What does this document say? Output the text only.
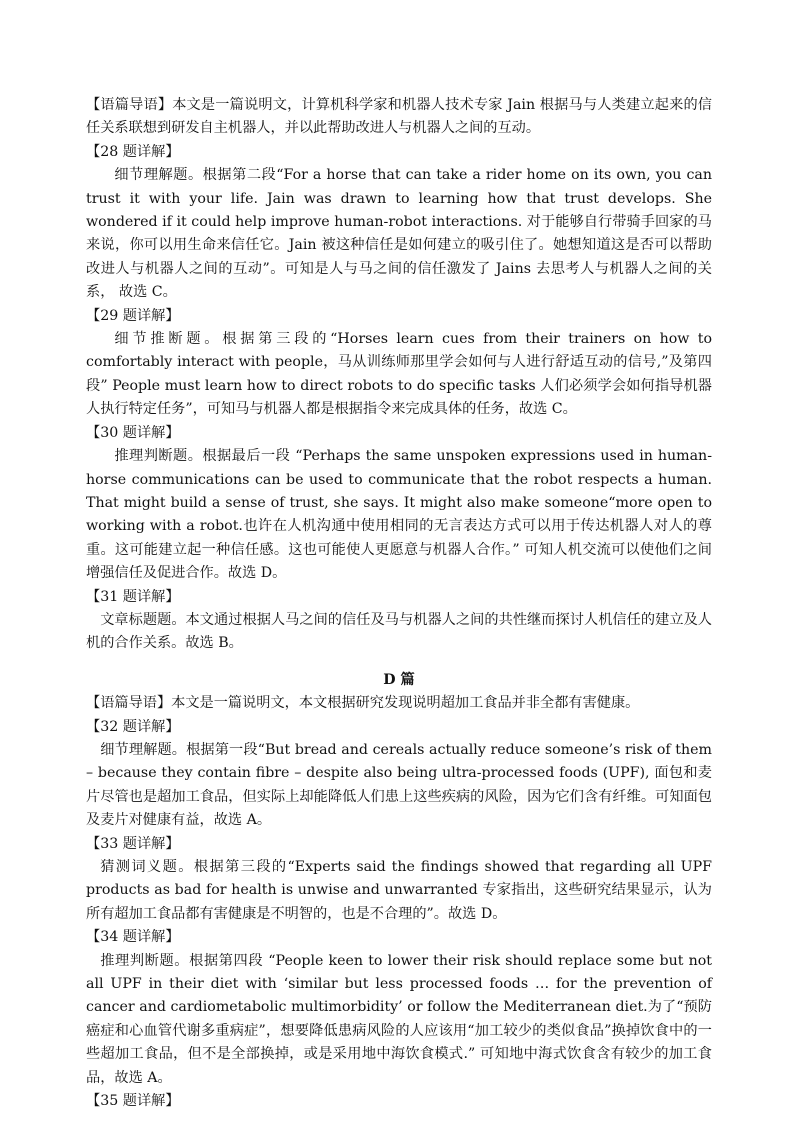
【语篇导语】本文是一篇说明文，计算机科学家和机器人技术专家 Jain 根据马与人类建立起来的信任关系联想到研发自主机器人，并以此帮助改进人与机器人之间的互动。

【28 题详解】

细节理解题。根据第二段“For a horse that can take a rider home on its own, you can trust it with your life. Jain was drawn to learning how that trust develops. She wondered if it could help improve human-robot interactions. 对于能够自行带骑手回家的马来说，你可以用生命来信任它。Jain 被这种信任是如何建立的吸引住了。她想知道这是否可以帮助改进人与机器人之间的互动”。可知是人与马之间的信任激发了 Jains 去思考人与机器人之间的关系， 故选 C。

【29 题详解】

细节推断题。根据第三段的“Horses learn cues from their trainers on how to comfortably interact with people，马从训练师那里学会如何与人进行舒适互动的信号,”及第四段” People must learn how to direct robots to do specific tasks 人们必须学会如何指导机器人执行特定任务”，可知马与机器人都是根据指令来完成具体的任务，故选 C。

【30 题详解】

推理判断题。根据最后一段 “Perhaps the same unspoken expressions used in human-horse communications can be used to communicate that the robot respects a human. That might build a sense of trust, she says. It might also make someone“more open to working with a robot.也许在人机沟通中使用相同的无言表达方式可以用于传达机器人对人的尊重。这可能建立起一种信任感。这也可能使人更愿意与机器人合作。” 可知人机交流可以使他们之间增强信任及促进合作。故选 D。

【31 题详解】

文章标题题。本文通过根据人马之间的信任及马与机器人之间的共性继而探讨人机信任的建立及人机的合作关系。故选 B。

D 篇

【语篇导语】本文是一篇说明文，本文根据研究发现说明超加工食品并非全都有害健康。

【32 题详解】

细节理解题。根据第一段“But bread and cereals actually reduce someone’s risk of them – because they contain fibre – despite also being ultra-processed foods (UPF), 面包和麦片尽管也是超加工食品，但实际上却能降低人们患上这些疾病的风险，因为它们含有纤维。可知面包及麦片对健康有益，故选 A。

【33 题详解】

猜测词义题。根据第三段的“Experts said the findings showed that regarding all UPF products as bad for health is unwise and unwarranted 专家指出，这些研究结果显示，认为所有超加工食品都有害健康是不明智的，也是不合理的”。故选 D。

【34 题详解】

推理判断题。根据第四段 “People keen to lower their risk should replace some but not all UPF in their diet with ‘similar but less processed foods … for the prevention of cancer and cardiometabolic multimorbidity’ or follow the Mediterranean diet.为了“预防癌症和心血管代谢多重病症”，想要降低患病风险的人应该用“加工较少的类似食品”换掉饮食中的一些超加工食品，但不是全部换掉，或是采用地中海饮食模式.” 可知地中海式饮食含有较少的加工食品，故选 A。

【35 题详解】
